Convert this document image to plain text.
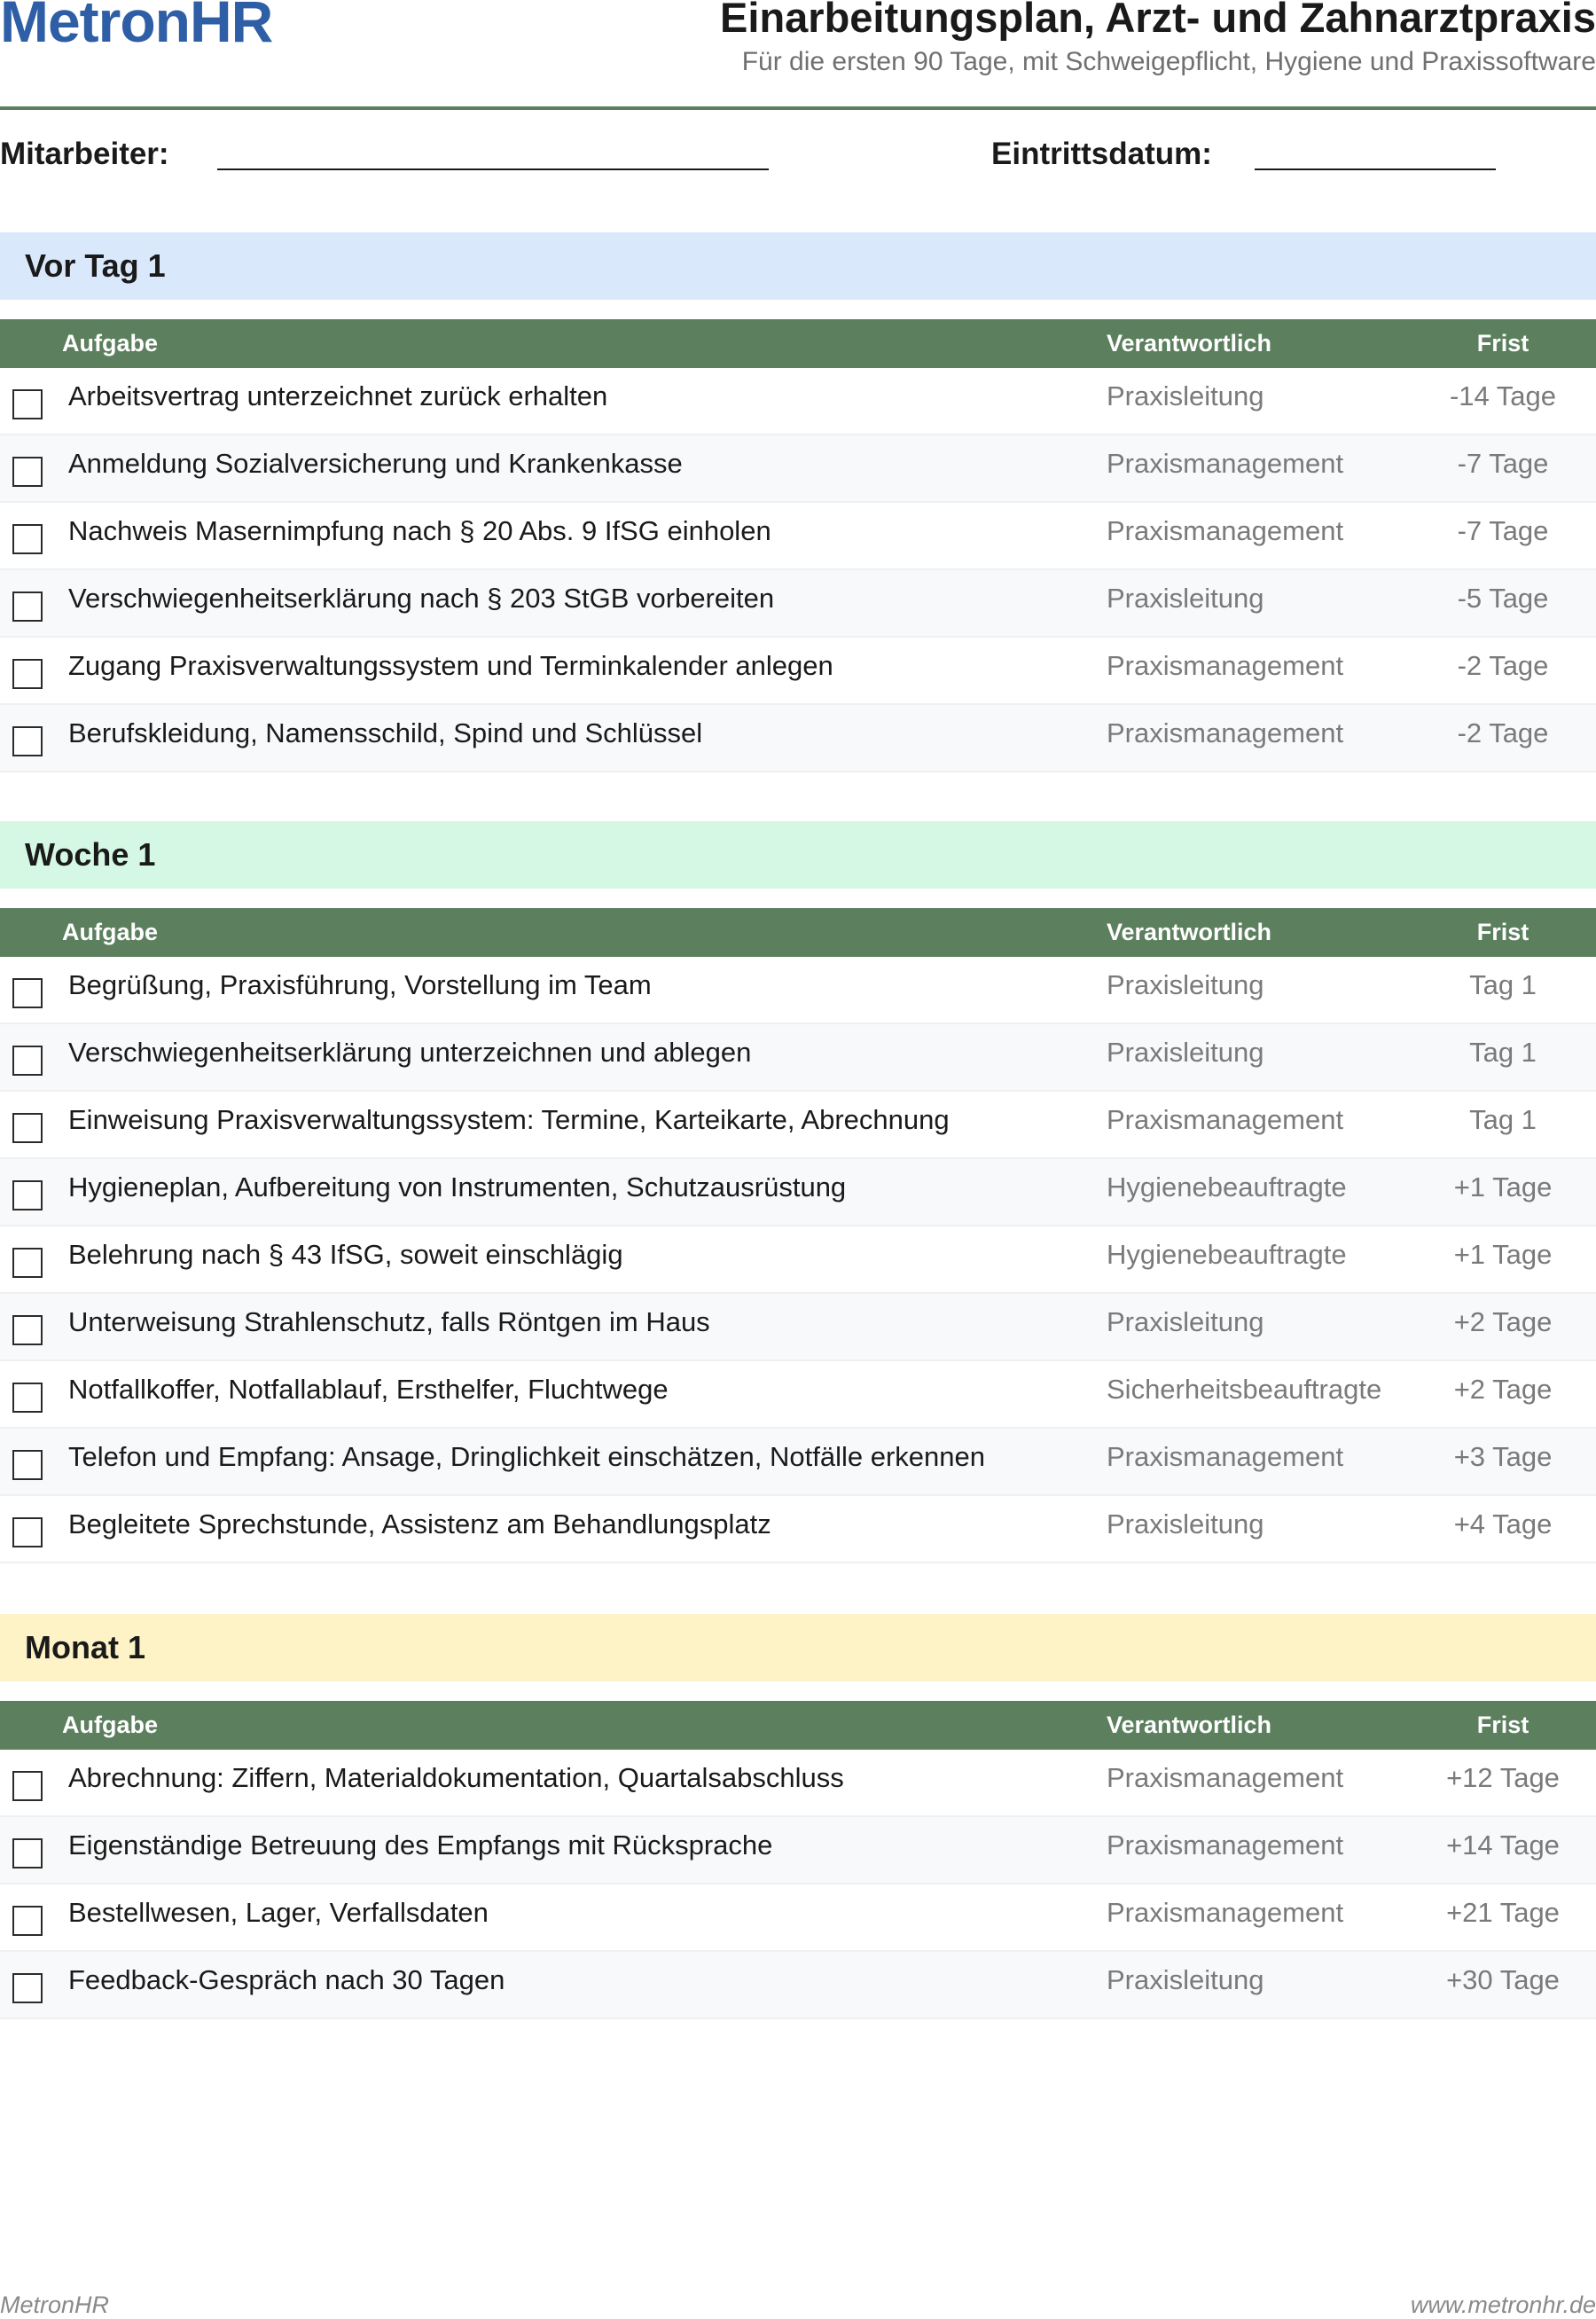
MetronHR	Einarbeitungsplan, Arzt- und Zahnarztpraxis
Für die ersten 90 Tage, mit Schweigepflicht, Hygiene und Praxissoftware
Mitarbeiter:	Eintrittsdatum:
Vor Tag 1
Aufgabe	Verantwortlich	Frist
Arbeitsvertrag unterzeichnet zurück erhalten	Praxisleitung	-14 Tage
Anmeldung Sozialversicherung und Krankenkasse	Praxismanagement	-7 Tage
Nachweis Masernimpfung nach § 20 Abs. 9 IfSG einholen	Praxismanagement	-7 Tage
Verschwiegenheitserklärung nach § 203 StGB vorbereiten	Praxisleitung	-5 Tage
Zugang Praxisverwaltungssystem und Terminkalender anlegen	Praxismanagement	-2 Tage
Berufskleidung, Namensschild, Spind und Schlüssel	Praxismanagement	-2 Tage
Woche 1
Aufgabe	Verantwortlich	Frist
Begrüßung, Praxisführung, Vorstellung im Team	Praxisleitung	Tag 1
Verschwiegenheitserklärung unterzeichnen und ablegen	Praxisleitung	Tag 1
Einweisung Praxisverwaltungssystem: Termine, Karteikarte, Abrechnung	Praxismanagement	Tag 1
Hygieneplan, Aufbereitung von Instrumenten, Schutzausrüstung	Hygienebeauftragte	+1 Tage
Belehrung nach § 43 IfSG, soweit einschlägig	Hygienebeauftragte	+1 Tage
Unterweisung Strahlenschutz, falls Röntgen im Haus	Praxisleitung	+2 Tage
Notfallkoffer, Notfallablauf, Ersthelfer, Fluchtwege	Sicherheitsbeauftragte	+2 Tage
Telefon und Empfang: Ansage, Dringlichkeit einschätzen, Notfälle erkennen	Praxismanagement	+3 Tage
Begleitete Sprechstunde, Assistenz am Behandlungsplatz	Praxisleitung	+4 Tage
Monat 1
Aufgabe	Verantwortlich	Frist
Abrechnung: Ziffern, Materialdokumentation, Quartalsabschluss	Praxismanagement	+12 Tage
Eigenständige Betreuung des Empfangs mit Rücksprache	Praxismanagement	+14 Tage
Bestellwesen, Lager, Verfallsdaten	Praxismanagement	+21 Tage
Feedback-Gespräch nach 30 Tagen	Praxisleitung	+30 Tage
MetronHR	www.metronhr.de
